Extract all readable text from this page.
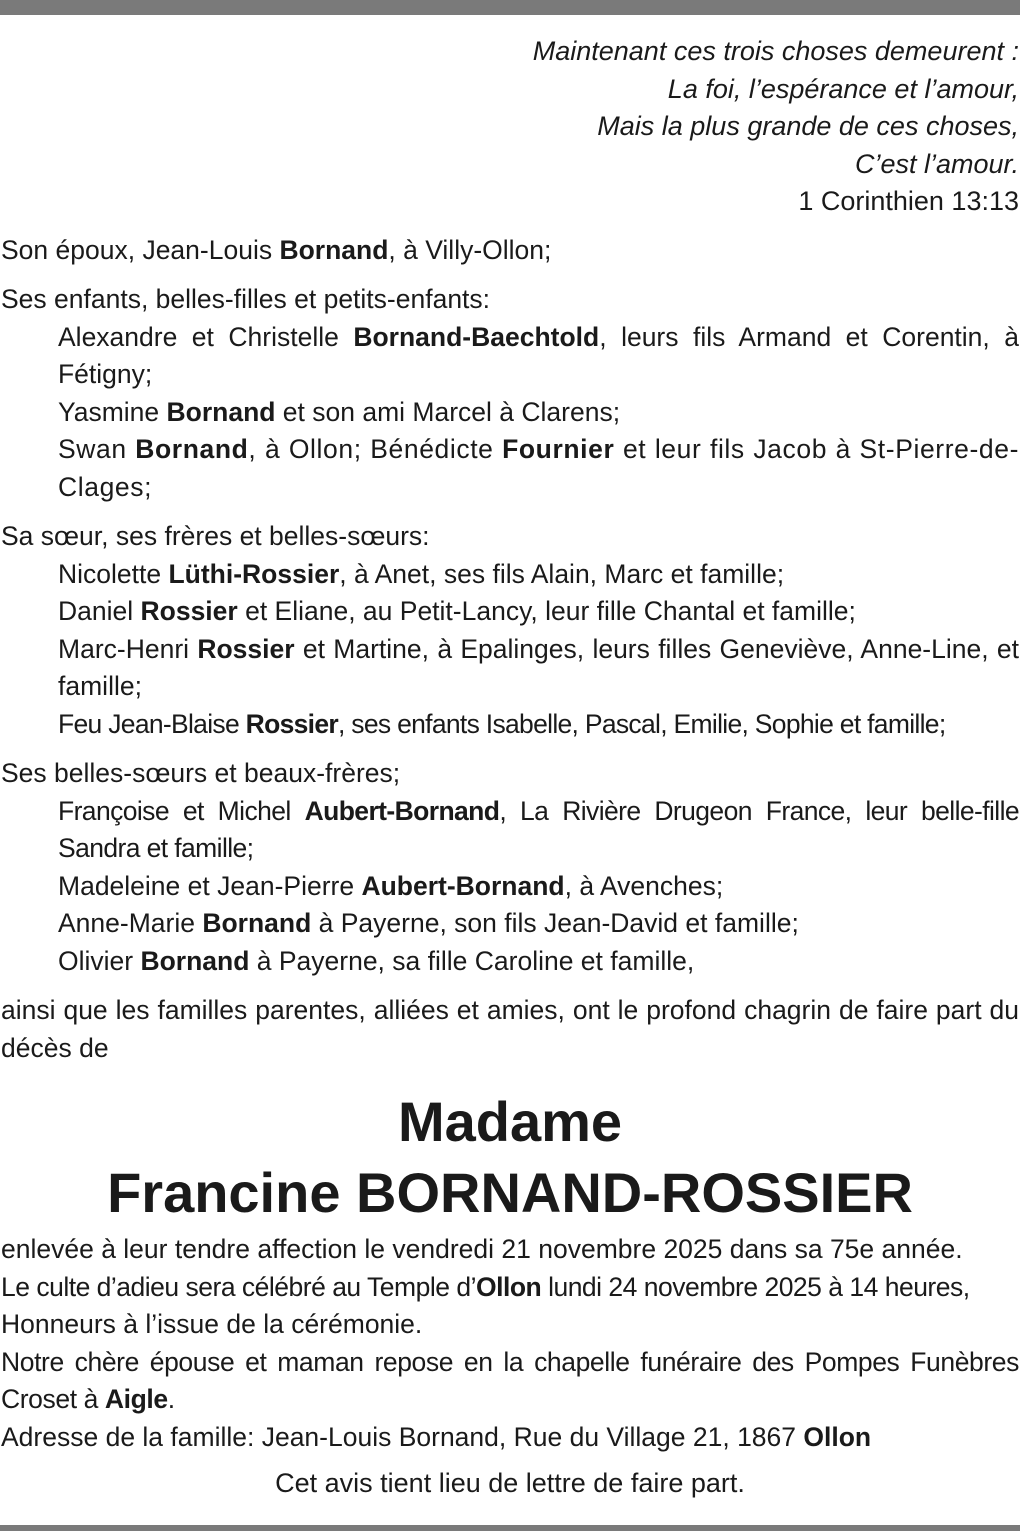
Maintenant ces trois choses demeurent :
La foi, l’espérance et l’amour,
Mais la plus grande de ces choses,
C’est l’amour.
1 Corinthien 13:13
Son époux, Jean-Louis Bornand, à Villy-Ollon;
Ses enfants, belles-filles et petits-enfants:
Alexandre et Christelle Bornand-Baechtold, leurs fils Armand et Corentin, à Fétigny;
Yasmine Bornand et son ami Marcel à Clarens;
Swan Bornand, à Ollon; Bénédicte Fournier et leur fils Jacob à St-Pierre-de-Clages;
Sa sœur, ses frères et belles-sœurs:
Nicolette Lüthi-Rossier, à Anet, ses fils Alain, Marc et famille;
Daniel Rossier et Eliane, au Petit-Lancy, leur fille Chantal et famille;
Marc-Henri Rossier et Martine, à Epalinges, leurs filles Geneviève, Anne-Line, et famille;
Feu Jean-Blaise Rossier, ses enfants Isabelle, Pascal, Emilie, Sophie et famille;
Ses belles-sœurs et beaux-frères;
Françoise et Michel Aubert-Bornand, La Rivière Drugeon France, leur belle-fille Sandra et famille;
Madeleine et Jean-Pierre Aubert-Bornand, à Avenches;
Anne-Marie Bornand à Payerne, son fils Jean-David et famille;
Olivier Bornand à Payerne, sa fille Caroline et famille,
ainsi que les familles parentes, alliées et amies, ont le profond chagrin de faire part du décès de
Madame
Francine BORNAND-ROSSIER
enlevée à leur tendre affection le vendredi 21 novembre 2025 dans sa 75e année.
Le culte d’adieu sera célébré au Temple d’Ollon lundi 24 novembre 2025 à 14 heures,
Honneurs à l’issue de la cérémonie.
Notre chère épouse et maman repose en la chapelle funéraire des Pompes Funèbres Croset à Aigle.
Adresse de la famille: Jean-Louis Bornand, Rue du Village 21, 1867 Ollon
Cet avis tient lieu de lettre de faire part.
